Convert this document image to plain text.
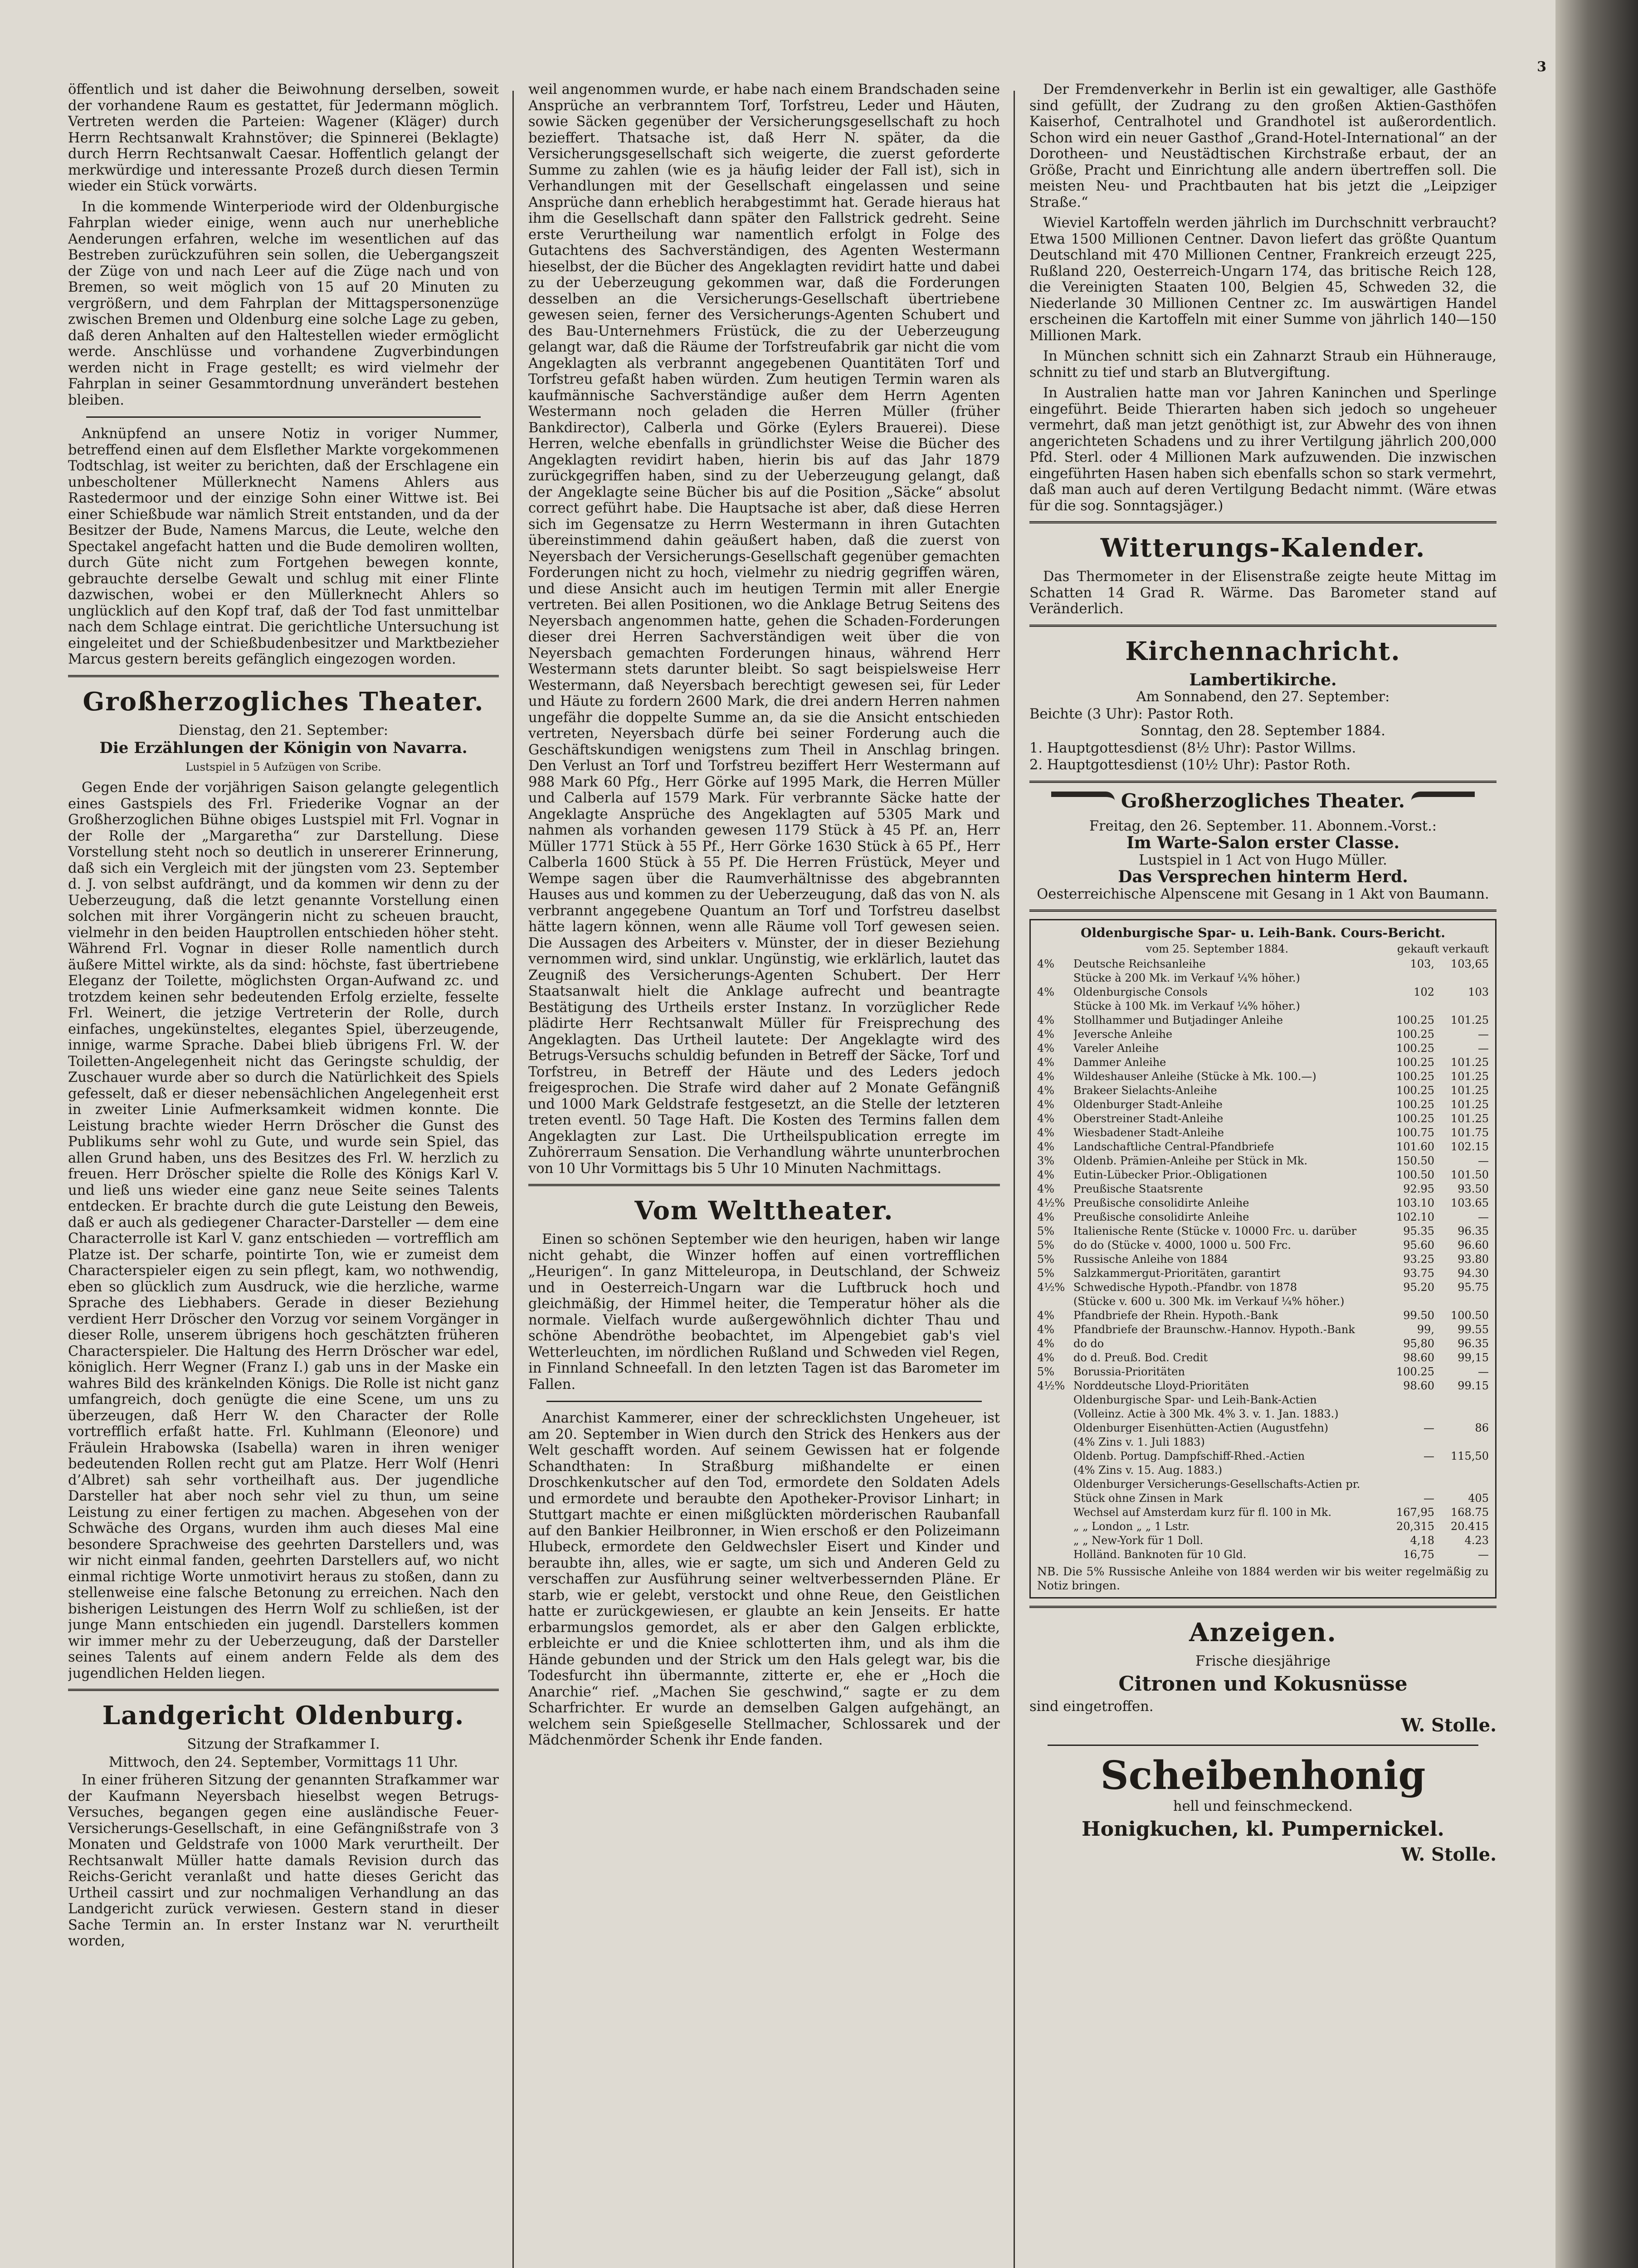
3

öffentlich und ist daher die Beiwohnung derselben, soweit der vorhandene Raum es gestattet, für Jedermann möglich. Vertreten werden die Parteien: Wagener (Kläger) durch Herrn Rechtsanwalt Krahnstöver; die Spinnerei (Beklagte) durch Herrn Rechtsanwalt Caesar. Hoffentlich gelangt der merkwürdige und interessante Prozeß durch diesen Termin wieder ein Stück vorwärts.

In die kommende Winterperiode wird der Oldenburgische Fahrplan wieder einige, wenn auch nur unerhebliche Aenderungen erfahren, welche im wesentlichen auf das Bestreben zurückzuführen sein sollen, die Uebergangszeit der Züge von und nach Leer auf die Züge nach und von Bremen, so weit möglich von 15 auf 20 Minuten zu vergrößern, und dem Fahrplan der Mittagspersonenzüge zwischen Bremen und Oldenburg eine solche Lage zu geben, daß deren Anhalten auf den Haltestellen wieder ermöglicht werde. Anschlüsse und vorhandene Zugverbindungen werden nicht in Frage gestellt; es wird vielmehr der Fahrplan in seiner Gesammtordnung unverändert bestehen bleiben.

Anknüpfend an unsere Notiz in voriger Nummer, betreffend einen auf dem Elsflether Markte vorgekommenen Todtschlag, ist weiter zu berichten, daß der Erschlagene ein unbescholtener Müllerknecht Namens Ahlers aus Rastedermoor und der einzige Sohn einer Wittwe ist. Bei einer Schießbude war nämlich Streit entstanden, und da der Besitzer der Bude, Namens Marcus, die Leute, welche den Spectakel angefacht hatten und die Bude demoliren wollten, durch Güte nicht zum Fortgehen bewegen konnte, gebrauchte derselbe Gewalt und schlug mit einer Flinte dazwischen, wobei er den Müllerknecht Ahlers so unglücklich auf den Kopf traf, daß der Tod fast unmittelbar nach dem Schlage eintrat. Die gerichtliche Untersuchung ist eingeleitet und der Schießbudenbesitzer und Marktbezieher Marcus gestern bereits gefänglich eingezogen worden.

Großherzogliches Theater.

Dienstag, den 21. September:

Die Erzählungen der Königin von Navarra.

Lustspiel in 5 Aufzügen von Scribe.

Gegen Ende der vorjährigen Saison gelangte gelegentlich eines Gastspiels des Frl. Friederike Vognar an der Großherzoglichen Bühne obiges Lustspiel mit Frl. Vognar in der Rolle der „Margaretha“ zur Darstellung. Diese Vorstellung steht noch so deutlich in unsererer Erinnerung, daß sich ein Vergleich mit der jüngsten vom 23. September d. J. von selbst aufdrängt, und da kommen wir denn zu der Ueberzeugung, daß die letzt genannte Vorstellung einen solchen mit ihrer Vorgängerin nicht zu scheuen braucht, vielmehr in den beiden Hauptrollen entschieden höher steht. Während Frl. Vognar in dieser Rolle namentlich durch äußere Mittel wirkte, als da sind: höchste, fast übertriebene Eleganz der Toilette, möglichsten Organ-Aufwand zc. und trotzdem keinen sehr bedeutenden Erfolg erzielte, fesselte Frl. Weinert, die jetzige Vertreterin der Rolle, durch einfaches, ungekünsteltes, elegantes Spiel, überzeugende, innige, warme Sprache. Dabei blieb übrigens Frl. W. der Toiletten-Angelegenheit nicht das Geringste schuldig, der Zuschauer wurde aber so durch die Natürlichkeit des Spiels gefesselt, daß er dieser nebensächlichen Angelegenheit erst in zweiter Linie Aufmerksamkeit widmen konnte. Die Leistung brachte wieder Herrn Dröscher die Gunst des Publikums sehr wohl zu Gute, und wurde sein Spiel, das allen Grund haben, uns des Besitzes des Frl. W. herzlich zu freuen. Herr Dröscher spielte die Rolle des Königs Karl V. und ließ uns wieder eine ganz neue Seite seines Talents entdecken. Er brachte durch die gute Leistung den Beweis, daß er auch als gediegener Character-Darsteller — dem eine Characterrolle ist Karl V. ganz entschieden — vortrefflich am Platze ist. Der scharfe, pointirte Ton, wie er zumeist dem Characterspieler eigen zu sein pflegt, kam, wo nothwendig, eben so glücklich zum Ausdruck, wie die herzliche, warme Sprache des Liebhabers. Gerade in dieser Beziehung verdient Herr Dröscher den Vorzug vor seinem Vorgänger in dieser Rolle, unserem übrigens hoch geschätzten früheren Characterspieler. Die Haltung des Herrn Dröscher war edel, königlich. Herr Wegner (Franz I.) gab uns in der Maske ein wahres Bild des kränkelnden Königs. Die Rolle ist nicht ganz umfangreich, doch genügte die eine Scene, um uns zu überzeugen, daß Herr W. den Character der Rolle vortrefflich erfaßt hatte. Frl. Kuhlmann (Eleonore) und Fräulein Hrabowska (Isabella) waren in ihren weniger bedeutenden Rollen recht gut am Platze. Herr Wolf (Henri d’Albret) sah sehr vortheilhaft aus. Der jugendliche Darsteller hat aber noch sehr viel zu thun, um seine Leistung zu einer fertigen zu machen. Abgesehen von der Schwäche des Organs, wurden ihm auch dieses Mal eine besondere Sprachweise des geehrten Darstellers und, was wir nicht einmal fanden, geehrten Darstellers auf, wo nicht einmal richtige Worte unmotivirt heraus zu stoßen, dann zu stellenweise eine falsche Betonung zu erreichen. Nach den bisherigen Leistungen des Herrn Wolf zu schließen, ist der junge Mann entschieden ein jugendl. Darstellers kommen wir immer mehr zu der Ueberzeugung, daß der Darsteller seines Talents auf einem andern Felde als dem des jugendlichen Helden liegen.

Landgericht Oldenburg.

Sitzung der Strafkammer I.

Mittwoch, den 24. September, Vormittags 11 Uhr.

In einer früheren Sitzung der genannten Strafkammer war der Kaufmann Neyersbach hieselbst wegen Betrugs-Versuches, begangen gegen eine ausländische Feuer-Versicherungs-Gesellschaft, in eine Gefängnißstrafe von 3 Monaten und Geldstrafe von 1000 Mark verurtheilt. Der Rechtsanwalt Müller hatte damals Revision durch das Reichs-Gericht veranlaßt und hatte dieses Gericht das Urtheil cassirt und zur nochmaligen Verhandlung an das Landgericht zurück verwiesen. Gestern stand in dieser Sache Termin an. In erster Instanz war N. verurtheilt worden,

weil angenommen wurde, er habe nach einem Brandschaden seine Ansprüche an verbranntem Torf, Torfstreu, Leder und Häuten, sowie Säcken gegenüber der Versicherungsgesellschaft zu hoch bezieffert. Thatsache ist, daß Herr N. später, da die Versicherungsgesellschaft sich weigerte, die zuerst geforderte Summe zu zahlen (wie es ja häufig leider der Fall ist), sich in Verhandlungen mit der Gesellschaft eingelassen und seine Ansprüche dann erheblich herabgestimmt hat. Gerade hieraus hat ihm die Gesellschaft dann später den Fallstrick gedreht. Seine erste Verurtheilung war namentlich erfolgt in Folge des Gutachtens des Sachverständigen, des Agenten Westermann hieselbst, der die Bücher des Angeklagten revidirt hatte und dabei zu der Ueberzeugung gekommen war, daß die Forderungen desselben an die Versicherungs-Gesellschaft übertriebene gewesen seien, ferner des Versicherungs-Agenten Schubert und des Bau-Unternehmers Früstück, die zu der Ueberzeugung gelangt war, daß die Räume der Torfstreufabrik gar nicht die vom Angeklagten als verbrannt angegebenen Quantitäten Torf und Torfstreu gefaßt haben würden. Zum heutigen Termin waren als kaufmännische Sachverständige außer dem Herrn Agenten Westermann noch geladen die Herren Müller (früher Bankdirector), Calberla und Görke (Eylers Brauerei). Diese Herren, welche ebenfalls in gründlichster Weise die Bücher des Angeklagten revidirt haben, hierin bis auf das Jahr 1879 zurückgegriffen haben, sind zu der Ueberzeugung gelangt, daß der Angeklagte seine Bücher bis auf die Position „Säcke“ absolut correct geführt habe. Die Hauptsache ist aber, daß diese Herren sich im Gegensatze zu Herrn Westermann in ihren Gutachten übereinstimmend dahin geäußert haben, daß die zuerst von Neyersbach der Versicherungs-Gesellschaft gegenüber gemachten Forderungen nicht zu hoch, vielmehr zu niedrig gegriffen wären, und diese Ansicht auch im heutigen Termin mit aller Energie vertreten. Bei allen Positionen, wo die Anklage Betrug Seitens des Neyersbach angenommen hatte, gehen die Schaden-Forderungen dieser drei Herren Sachverständigen weit über die von Neyersbach gemachten Forderungen hinaus, während Herr Westermann stets darunter bleibt. So sagt beispielsweise Herr Westermann, daß Neyersbach berechtigt gewesen sei, für Leder und Häute zu fordern 2600 Mark, die drei andern Herren nahmen ungefähr die doppelte Summe an, da sie die Ansicht entschieden vertreten, Neyersbach dürfe bei seiner Forderung auch die Geschäftskundigen wenigstens zum Theil in Anschlag bringen. Den Verlust an Torf und Torfstreu beziffert Herr Westermann auf 988 Mark 60 Pfg., Herr Görke auf 1995 Mark, die Herren Müller und Calberla auf 1579 Mark. Für verbrannte Säcke hatte der Angeklagte Ansprüche des Angeklagten auf 5305 Mark und nahmen als vorhanden gewesen 1179 Stück à 45 Pf. an, Herr Müller 1771 Stück à 55 Pf., Herr Görke 1630 Stück à 65 Pf., Herr Calberla 1600 Stück à 55 Pf. Die Herren Früstück, Meyer und Wempe sagen über die Raumverhältnisse des abgebrannten Hauses aus und kommen zu der Ueberzeugung, daß das von N. als verbrannt angegebene Quantum an Torf und Torfstreu daselbst hätte lagern können, wenn alle Räume voll Torf gewesen seien. Die Aussagen des Arbeiters v. Münster, der in dieser Beziehung vernommen wird, sind unklar. Ungünstig, wie erklärlich, lautet das Zeugniß des Versicherungs-Agenten Schubert. Der Herr Staatsanwalt hielt die Anklage aufrecht und beantragte Bestätigung des Urtheils erster Instanz. In vorzüglicher Rede plädirte Herr Rechtsanwalt Müller für Freisprechung des Angeklagten. Das Urtheil lautete: Der Angeklagte wird des Betrugs-Versuchs schuldig befunden in Betreff der Säcke, Torf und Torfstreu, in Betreff der Häute und des Leders jedoch freigesprochen. Die Strafe wird daher auf 2 Monate Gefängniß und 1000 Mark Geldstrafe festgesetzt, an die Stelle der letzteren treten eventl. 50 Tage Haft. Die Kosten des Termins fallen dem Angeklagten zur Last. Die Urtheilspublication erregte im Zuhörerraum Sensation. Die Verhandlung währte ununterbrochen von 10 Uhr Vormittags bis 5 Uhr 10 Minuten Nachmittags.

Vom Welttheater.

Einen so schönen September wie den heurigen, haben wir lange nicht gehabt, die Winzer hoffen auf einen vortrefflichen „Heurigen“. In ganz Mitteleuropa, in Deutschland, der Schweiz und in Oesterreich-Ungarn war die Luftbruck hoch und gleichmäßig, der Himmel heiter, die Temperatur höher als die normale. Vielfach wurde außergewöhnlich dichter Thau und schöne Abendröthe beobachtet, im Alpengebiet gab's viel Wetterleuchten, im nördlichen Rußland und Schweden viel Regen, in Finnland Schneefall. In den letzten Tagen ist das Barometer im Fallen.

Anarchist Kammerer, einer der schrecklichsten Ungeheuer, ist am 20. September in Wien durch den Strick des Henkers aus der Welt geschafft worden. Auf seinem Gewissen hat er folgende Schandthaten: In Straßburg mißhandelte er einen Droschkenkutscher auf den Tod, ermordete den Soldaten Adels und ermordete und beraubte den Apotheker-Provisor Linhart; in Stuttgart machte er einen mißglückten mörderischen Raubanfall auf den Bankier Heilbronner, in Wien erschoß er den Polizeimann Hlubeck, ermordete den Geldwechsler Eisert und Kinder und beraubte ihn, alles, wie er sagte, um sich und Anderen Geld zu verschaffen zur Ausführung seiner weltverbessernden Pläne. Er starb, wie er gelebt, verstockt und ohne Reue, den Geistlichen hatte er zurückgewiesen, er glaubte an kein Jenseits. Er hatte erbarmungslos gemordet, als er aber den Galgen erblickte, erbleichte er und die Kniee schlotterten ihm, und als ihm die Hände gebunden und der Strick um den Hals gelegt war, bis die Todesfurcht ihn übermannte, zitterte er, ehe er „Hoch die Anarchie“ rief. „Machen Sie geschwind,“ sagte er zu dem Scharfrichter. Er wurde an demselben Galgen aufgehängt, an welchem sein Spießgeselle Stellmacher, Schlossarek und der Mädchenmörder Schenk ihr Ende fanden.

Der Fremdenverkehr in Berlin ist ein gewaltiger, alle Gasthöfe sind gefüllt, der Zudrang zu den großen Aktien-Gasthöfen Kaiserhof, Centralhotel und Grandhotel ist außerordentlich. Schon wird ein neuer Gasthof „Grand-Hotel-International“ an der Dorotheen- und Neustädtischen Kirchstraße erbaut, der an Größe, Pracht und Einrichtung alle andern übertreffen soll. Die meisten Neu- und Prachtbauten hat bis jetzt die „Leipziger Straße.“

Wieviel Kartoffeln werden jährlich im Durchschnitt verbraucht? Etwa 1500 Millionen Centner. Davon liefert das größte Quantum Deutschland mit 470 Millionen Centner, Frankreich erzeugt 225, Rußland 220, Oesterreich-Ungarn 174, das britische Reich 128, die Vereinigten Staaten 100, Belgien 45, Schweden 32, die Niederlande 30 Millionen Centner zc. Im auswärtigen Handel erscheinen die Kartoffeln mit einer Summe von jährlich 140—150 Millionen Mark.

In München schnitt sich ein Zahnarzt Straub ein Hühnerauge, schnitt zu tief und starb an Blutvergiftung.

In Australien hatte man vor Jahren Kaninchen und Sperlinge eingeführt. Beide Thierarten haben sich jedoch so ungeheuer vermehrt, daß man jetzt genöthigt ist, zur Abwehr des von ihnen angerichteten Schadens und zu ihrer Vertilgung jährlich 200,000 Pfd. Sterl. oder 4 Millionen Mark aufzuwenden. Die inzwischen eingeführten Hasen haben sich ebenfalls schon so stark vermehrt, daß man auch auf deren Vertilgung Bedacht nimmt. (Wäre etwas für die sog. Sonntagsjäger.)

Witterungs-Kalender.

Das Thermometer in der Elisenstraße zeigte heute Mittag im Schatten 14 Grad R. Wärme. Das Barometer stand auf Veränderlich.

Kirchennachricht.

Lambertikirche.

Am Sonnabend, den 27. September:

Beichte (3 Uhr): Pastor Roth.

Sonntag, den 28. September 1884.

1. Hauptgottesdienst (8½ Uhr): Pastor Willms.

2. Hauptgottesdienst (10½ Uhr): Pastor Roth.

Großherzogliches Theater.

Freitag, den 26. September. 11. Abonnem.-Vorst.:

Im Warte-Salon erster Classe.

Lustspiel in 1 Act von Hugo Müller.

Das Versprechen hinterm Herd.

Oesterreichische Alpenscene mit Gesang in 1 Akt von Baumann.

Oldenburgische Spar- u. Leih-Bank. Cours-Bericht.
vom 25. September 1884.	gekauft verkauft
4%	Deutsche Reichsanleihe	103,	103,65
Stücke à 200 Mk. im Verkauf ¼% höher.)
4%	Oldenburgische Consols	102	103
Stücke à 100 Mk. im Verkauf ¼% höher.)
4%	Stollhammer und Butjadinger Anleihe	100.25	101.25
4%	Jeversche Anleihe	100.25	—
4%	Vareler Anleihe	100.25	—
4%	Dammer Anleihe	100.25	101.25
4%	Wildeshauser Anleihe (Stücke à Mk. 100.—)	100.25	101.25
4%	Brakeer Sielachts-Anleihe	100.25	101.25
4%	Oldenburger Stadt-Anleihe	100.25	101.25
4%	Oberstreiner Stadt-Anleihe	100.25	101.25
4%	Wiesbadener Stadt-Anleihe	100.75	101.75
4%	Landschaftliche Central-Pfandbriefe	101.60	102.15
3%	Oldenb. Prämien-Anleihe per Stück in Mk.	150.50	—
4%	Eutin-Lübecker Prior.-Obligationen	100.50	101.50
4%	Preußische Staatsrente	92.95	93.50
4½% Preußische consolidirte Anleihe	103.10	103.65
4%	Preußische consolidirte Anleihe	102.10	—
5%	Italienische Rente (Stücke v. 10000 Frc. u. darüber	95.35	96.35
5%	do do (Stücke v. 4000, 1000 u. 500 Frc.	95.60	96.60
5%	Russische Anleihe von 1884	93.25	93.80
5%	Salzkammergut-Prioritäten, garantirt	93.75	94.30
4½% Schwedische Hypoth.-Pfandbr. von 1878	95.20	95.75
(Stücke v. 600 u. 300 Mk. im Verkauf ¼% höher.)
4%	Pfandbriefe der Rhein. Hypoth.-Bank	99.50	100.50
4%	Pfandbriefe der Braunschw.-Hannov. Hypoth.-Bank	99,	99.55
4%	do do	95,80	96.35
4%	do d. Preuß. Bod. Credit	98.60	99,15
5%	Borussia-Prioritäten	100.25	—
4½% Norddeutsche Lloyd-Prioritäten	98.60	99.15
Oldenburgische Spar- und Leih-Bank-Actien
(Volleinz. Actie à 300 Mk. 4% 3. v. 1. Jan. 1883.)
Oldenburger Eisenhütten-Actien (Augustfehn)	—	86
(4% Zins v. 1. Juli 1883)
Oldenb. Portug. Dampfschiff-Rhed.-Actien	—	115,50
(4% Zins v. 15. Aug. 1883.)
Oldenburger Versicherungs-Gesellschafts-Actien pr.
Stück ohne Zinsen in Mark	—	405
Wechsel auf Amsterdam kurz für fl. 100 in Mk.	167,95	168.75
„ „ London „ „ 1 Lstr.	20,315	20.415
„ „ New-York für 1 Doll.	4,18	4.23
Holländ. Banknoten für 10 Gld.	16,75	—
NB. Die 5% Russische Anleihe von 1884 werden wir bis weiter regelmäßig zu Notiz bringen.
Anzeigen.

Frische diesjährige

Citronen und Kokusnüsse

sind eingetroffen.

W. Stolle.
Scheibenhonig

hell und feinschmeckend.

Honigkuchen, kl. Pumpernickel.
W. Stolle.
